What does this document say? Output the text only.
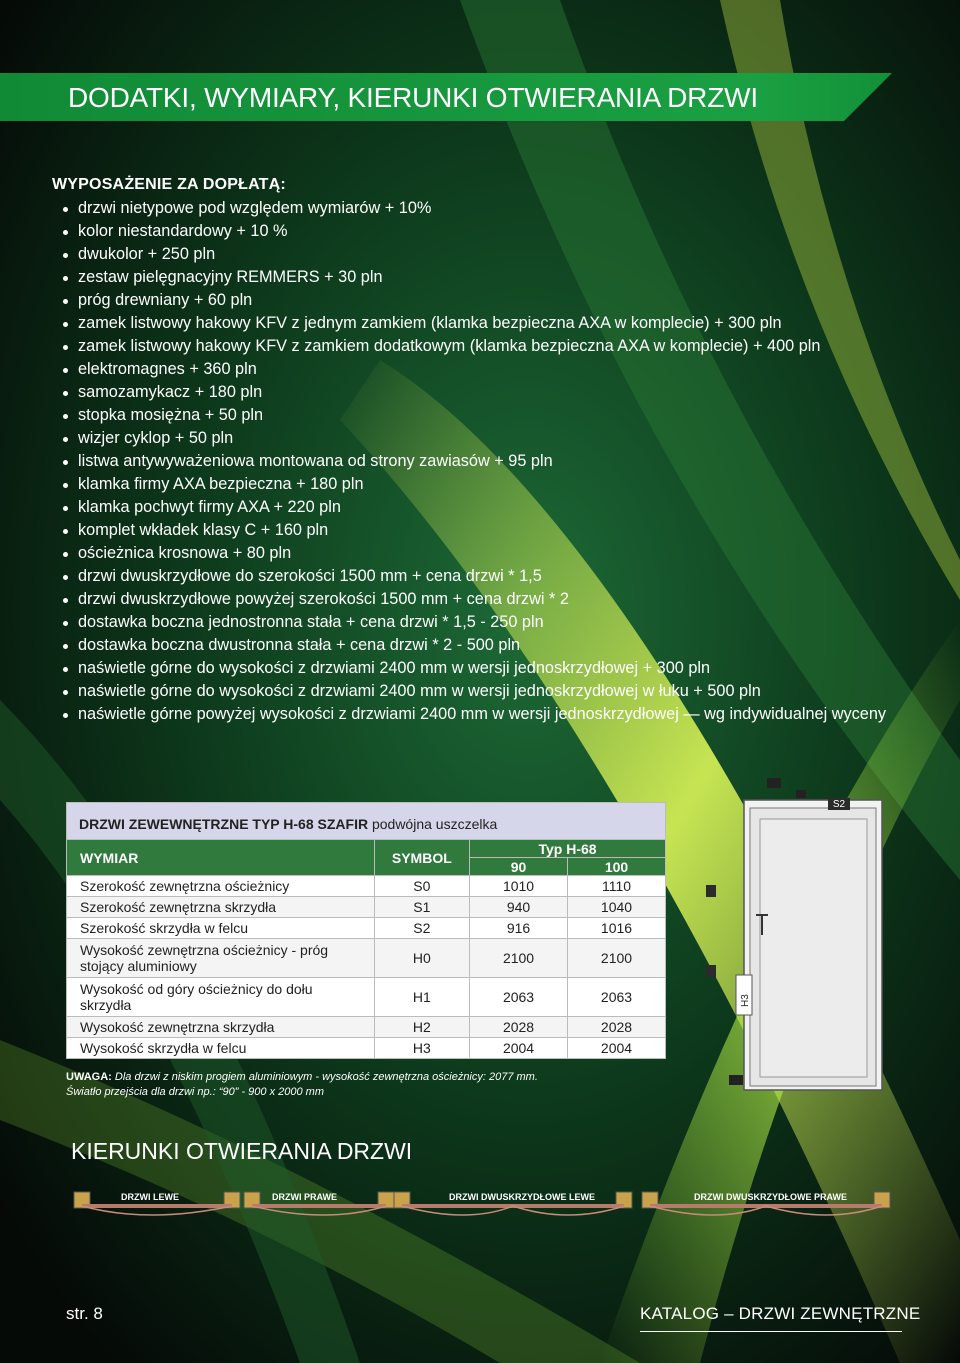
DODATKI, WYMIARY, KIERUNKI OTWIERANIA DRZWI
WYPOSAŻENIE ZA DOPŁATĄ:
drzwi nietypowe pod względem wymiarów + 10%
kolor niestandardowy + 10 %
dwukolor + 250 pln
zestaw pielęgnacyjny REMMERS + 30 pln
próg drewniany + 60 pln
zamek listwowy hakowy KFV z jednym zamkiem (klamka bezpieczna AXA w komplecie) + 300 pln
zamek listwowy hakowy KFV z zamkiem dodatkowym (klamka bezpieczna AXA w komplecie) + 400 pln
elektromagnes + 360 pln
samozamykacz + 180 pln
stopka mosiężna + 50 pln
wizjer cyklop + 50 pln
listwa antywyważeniowa montowana od strony zawiasów + 95 pln
klamka firmy AXA bezpieczna + 180 pln
klamka pochwyt firmy AXA + 220 pln
komplet wkładek klasy C + 160 pln
ościeżnica krosnowa + 80 pln
drzwi dwuskrzydłowe do szerokości 1500 mm + cena drzwi * 1,5
drzwi dwuskrzydłowe powyżej szerokości 1500 mm + cena drzwi * 2
dostawka boczna jednostronna stała + cena drzwi * 1,5 - 250 pln
dostawka boczna dwustronna stała + cena drzwi * 2 - 500 pln
naświetle górne do wysokości z drzwiami 2400 mm w wersji jednoskrzydłowej + 300 pln
naświetle górne do wysokości z drzwiami 2400 mm w wersji jednoskrzydłowej w łuku + 500 pln
naświetle górne powyżej wysokości z drzwiami 2400 mm w wersji jednoskrzydłowej — wg indywidualnej wyceny
DRZWI ZEWEWNĘTRZNE TYP H-68 SZAFIR podwójna uszczelka			
WYMIAR	SYMBOL	Typ H-68	
		90	100
Szerokość zewnętrzna ościeżnicy	S0	1010	1110
Szerokość zewnętrzna skrzydła	S1	940	1040
Szerokość skrzydła w felcu	S2	916	1016
Wysokość zewnętrzna ościeżnicy - próg stojący aluminiowy	H0	2100	2100
Wysokość od góry ościeżnicy do dołu skrzydła	H1	2063	2063
Wysokość zewnętrzna skrzydła	H2	2028	2028
Wysokość skrzydła w felcu	H3	2004	2004
UWAGA: Dla drzwi z niskim progiem aluminiowym - wysokość zewnętrzna ościeżnicy: 2077 mm.
Światło przejścia dla drzwi np.: “90” - 900 x 2000 mm
S2
H3
KIERUNKI OTWIERANIA DRZWI
DRZWI LEWE	DRZWI PRAWE	DRZWI DWUSKRZYDŁOWE LEWE	DRZWI DWUSKRZYDŁOWE PRAWE
str. 8	KATALOG – DRZWI ZEWNĘTRZNE
